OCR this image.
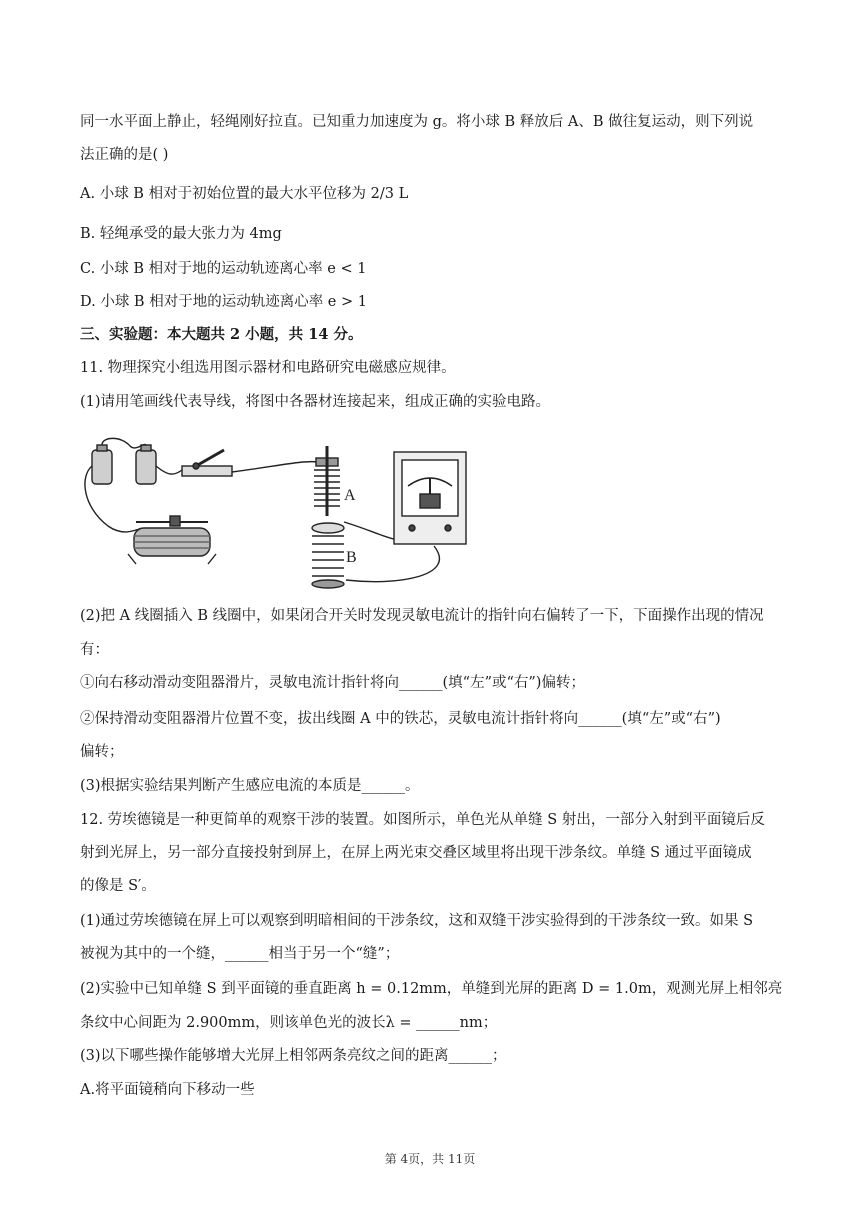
同一水平面上静止，轻绳刚好拉直。已知重力加速度为 g。将小球 B 释放后 A、B 做往复运动，则下列说
法正确的是( )
A. 小球 B 相对于初始位置的最大水平位移为 2/3 L
B. 轻绳承受的最大张力为 4mg
C. 小球 B 相对于地的运动轨迹离心率 e < 1
D. 小球 B 相对于地的运动轨迹离心率 e > 1
三、实验题：本大题共 2 小题，共 14 分。
11. 物理探究小组选用图示器材和电路研究电磁感应规律。
(1)请用笔画线代表导线，将图中各器材连接起来，组成正确的实验电路。
A
B
(2)把 A 线圈插入 B 线圈中，如果闭合开关时发现灵敏电流计的指针向右偏转了一下，下面操作出现的情况
有：
①向右移动滑动变阻器滑片，灵敏电流计指针将向______(填“左”或“右”)偏转；
②保持滑动变阻器滑片位置不变，拔出线圈 A 中的铁芯，灵敏电流计指针将向______(填“左”或“右”)
偏转；
(3)根据实验结果判断产生感应电流的本质是______。
12. 劳埃德镜是一种更简单的观察干涉的装置。如图所示，单色光从单缝 S 射出，一部分入射到平面镜后反
射到光屏上，另一部分直接投射到屏上，在屏上两光束交叠区域里将出现干涉条纹。单缝 S 通过平面镜成
的像是 S′。
(1)通过劳埃德镜在屏上可以观察到明暗相间的干涉条纹，这和双缝干涉实验得到的干涉条纹一致。如果 S
被视为其中的一个缝，______相当于另一个“缝”；
(2)实验中已知单缝 S 到平面镜的垂直距离 h = 0.12mm，单缝到光屏的距离 D = 1.0m，观测光屏上相邻亮
条纹中心间距为 2.900mm，则该单色光的波长λ = ______nm；
(3)以下哪些操作能够增大光屏上相邻两条亮纹之间的距离______；
A.将平面镜稍向下移动一些
第 4页，共 11页
